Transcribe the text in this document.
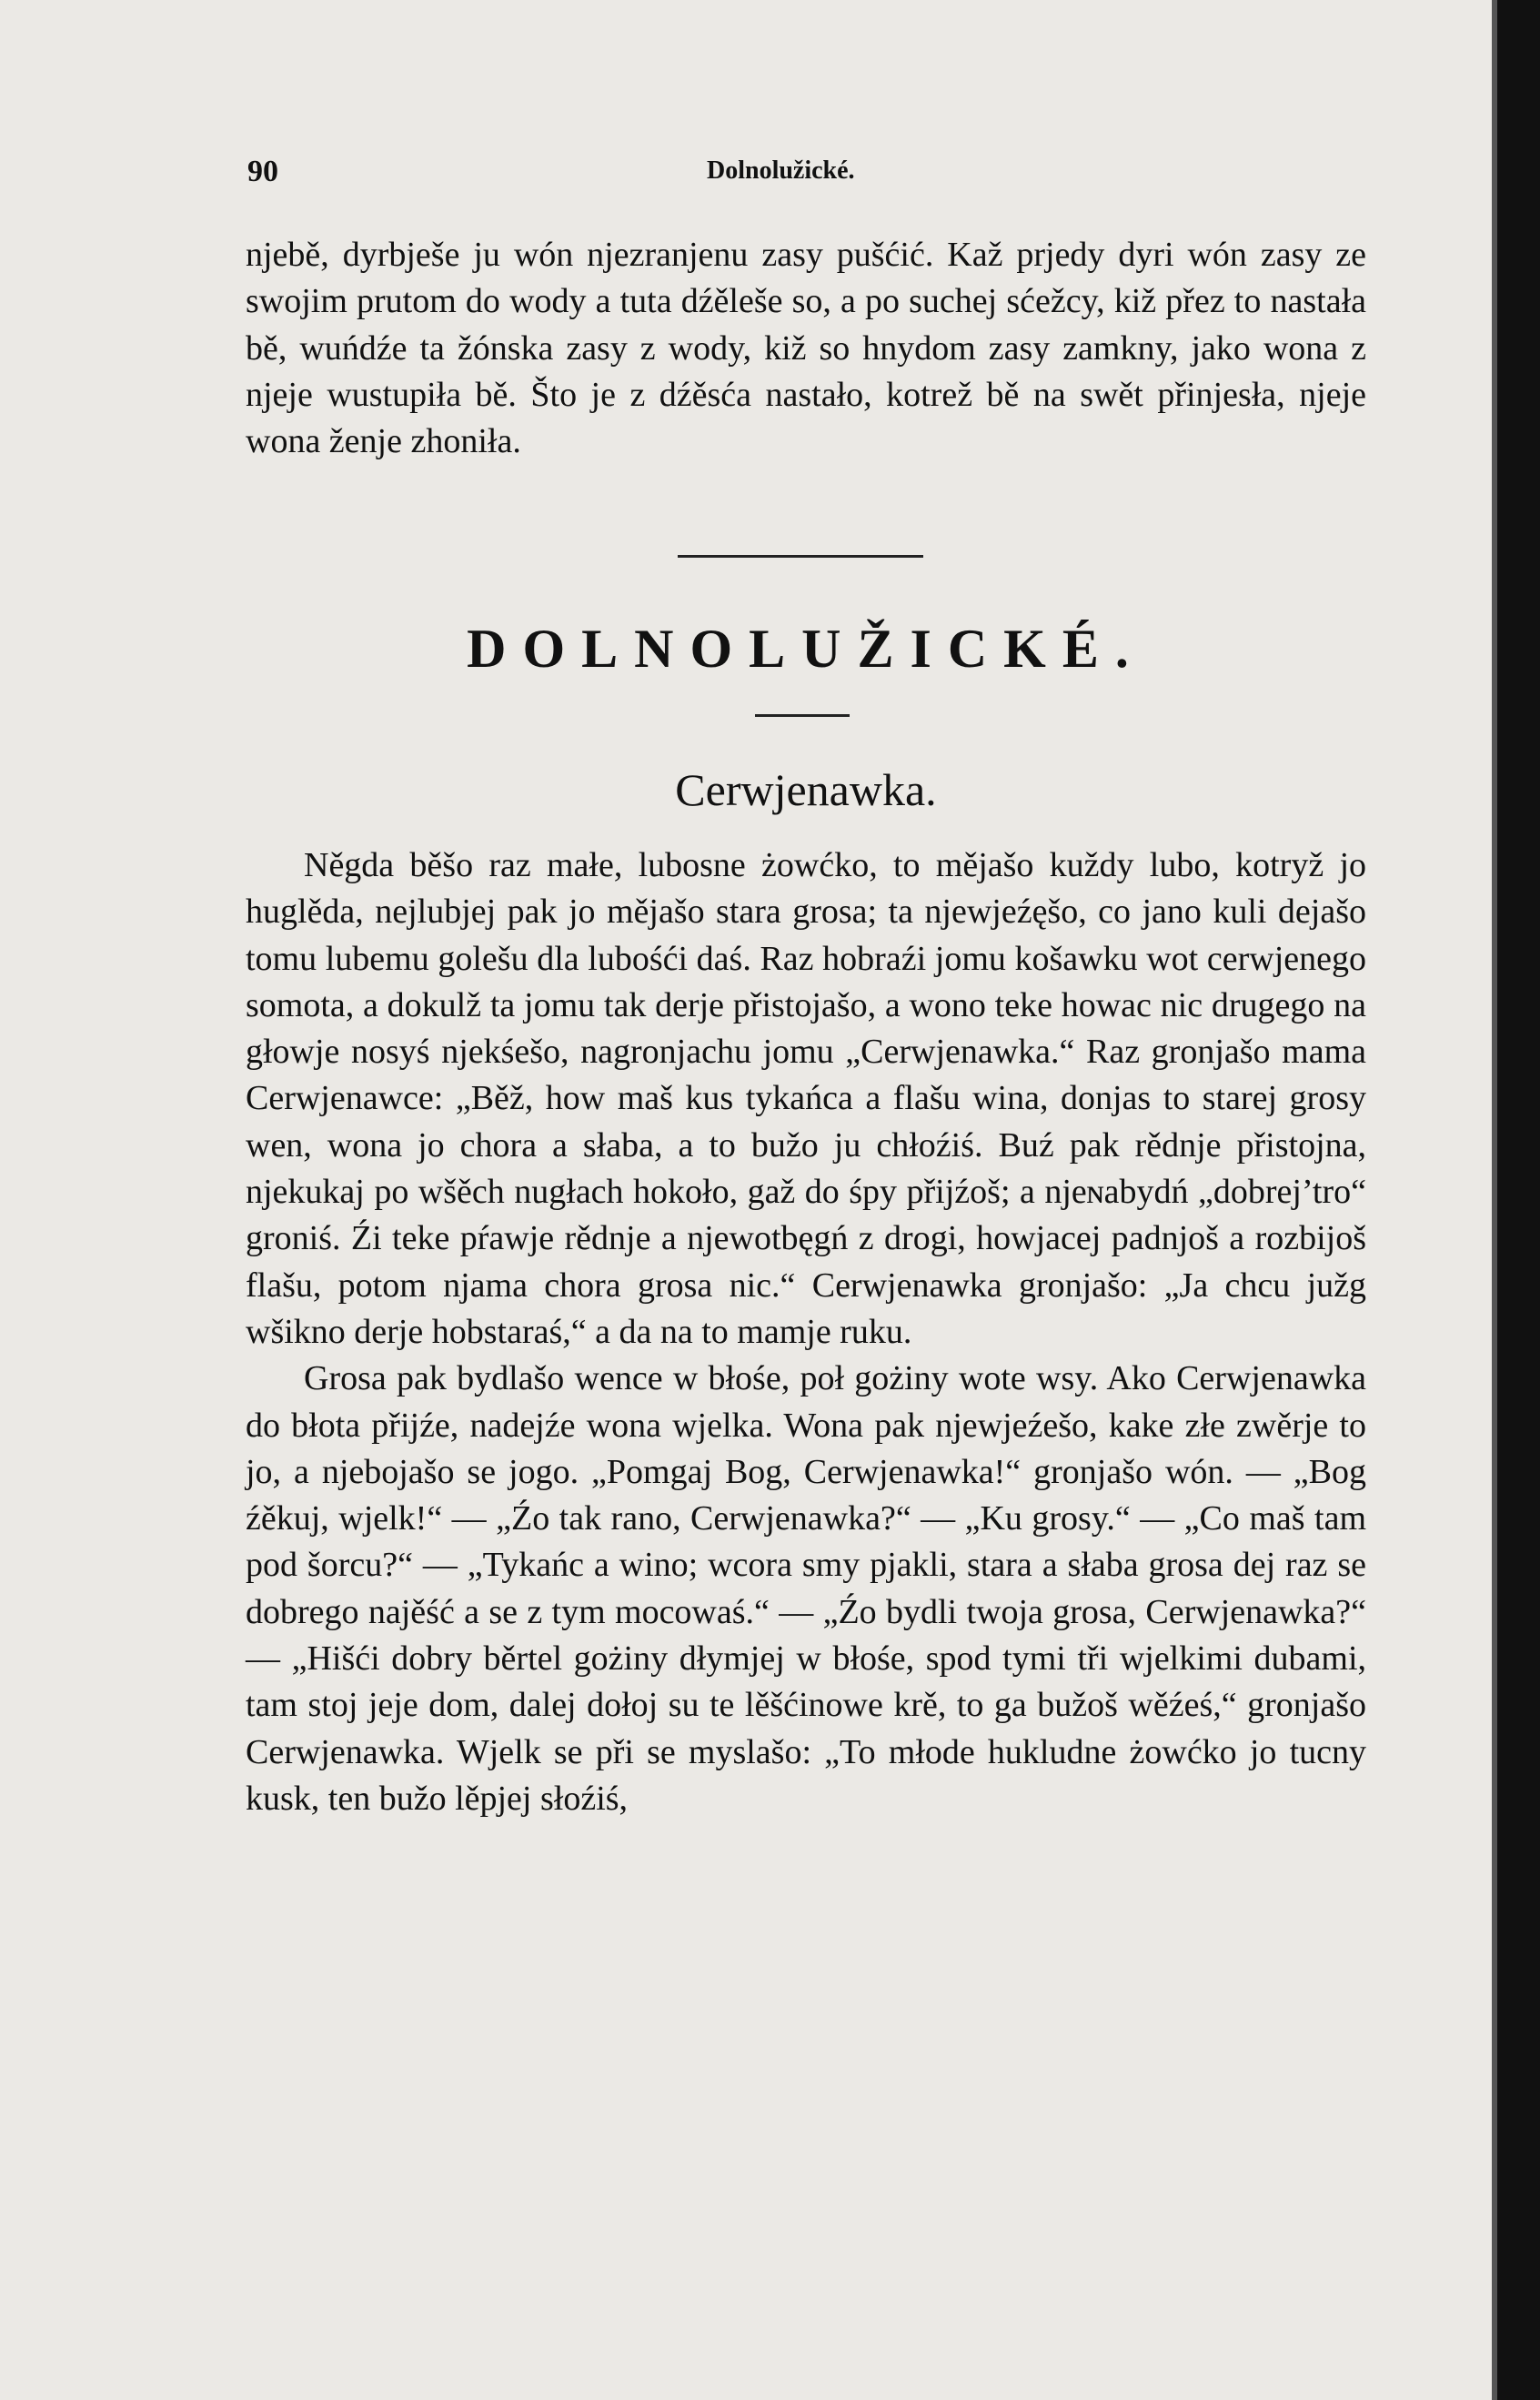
90	Dolnolužické.

njebě, dyrbješe ju wón njezranjenu zasy pušćić. Kaž prjedy dyri wón zasy ze swojim prutom do wody a tuta dźěleše so, a po suchej sćežcy, kiž přez to nastała bě, wuńdźe ta žónska zasy z wody, kiž so hnydom zasy zamkny, jako wona z njeje wustupiła bě. Što je z dźěsća nastało, kotrež bě na swět přinjesła, njeje wona ženje zhoniła.

DOLNOLUŽICKÉ.
Cerwjenawka.

Něgda běšo raz małe, lubosne żowćko, to mějašo kuždy lubo, kotryž jo huglěda, nejlubjej pak jo mějašo stara grosa; ta njewjeźęšo, co jano kuli dejašo tomu lubemu golešu dla lubośći daś. Raz hobraźi jomu košawku wot cerwjenego somota, a dokulž ta jomu tak derje přistojašo, a wono teke howac nic drugego na głowje nosyś njekśešo, nagronjachu jomu „Cerwjenawka.“ Raz gronjašo mama Cerwjenawce: „Běž, how maš kus tykańca a flašu wina, donjas to starej grosy wen, wona jo chora a słaba, a to bužo ju chłoźiś. Buź pak rědnje přistojna, njekukaj po wšěch nugłach hokoło, gaž do śpy přijźoš; a njeɴabydń „dobrej’tro“ groniś. Źi teke pŕawje rědnje a njewotbęgń z drogi, howjacej padnjoš a rozbijoš flašu, potom njama chora grosa nic.“ Cerwjenawka gronjašo: „Ja chcu južg wšikno derje hobstaraś,“ a da na to mamje ruku.

Grosa pak bydlašo wence w błośe, poł gożiny wote wsy. Ako Cerwjenawka do błota přijźe, nadejźe wona wjelka. Wona pak njewjeźešo, kake złe zwěrje to jo, a njebojašo se jogo. „Pomgaj Bog, Cerwjenawka!“ gronjašo wón. — „Bog źěkuj, wjelk!“ — „Źo tak rano, Cerwjenawka?“ — „Ku grosy.“ — „Co maš tam pod šorcu?“ — „Tykańc a wino; wcora smy pjakli, stara a słaba grosa dej raz se dobrego najěść a se z tym mocowaś.“ — „Źo bydli twoja grosa, Cerwjenawka?“ — „Hišći dobry běrtel gożiny dłymjej w błośe, spod tymi tři wjelkimi dubami, tam stoj jeje dom, dalej dołoj su te lěšćinowe krě, to ga bužoš wěźeś,“ gronjašo Cerwjenawka. Wjelk se při se myslašo: „To młode hukludne żowćko jo tucny kusk, ten bužo lěpjej słoźiś,
